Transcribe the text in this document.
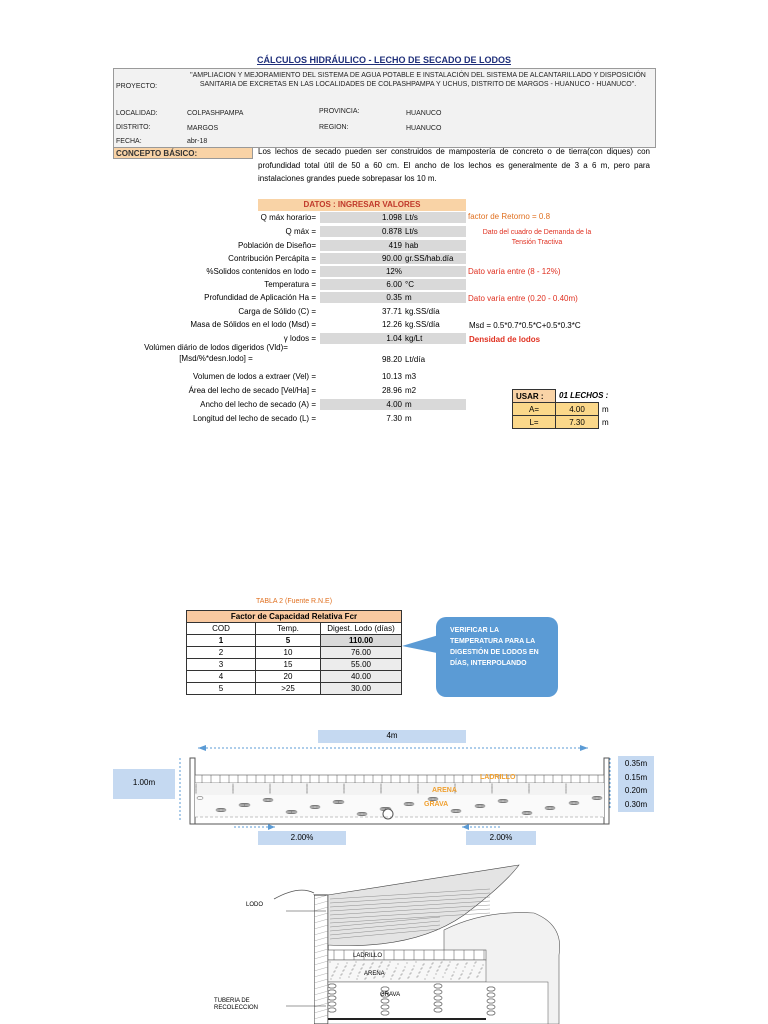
CÁLCULOS HIDRÁULICO - LECHO DE SECADO DE LODOS
PROYECTO:
"AMPLIACION Y MEJORAMIENTO DEL SISTEMA DE AGUA POTABLE E INSTALACIÓN DEL SISTEMA DE ALCANTARILLADO Y DISPOSICIÓN SANITARIA DE EXCRETAS EN LAS LOCALIDADES DE COLPASHPAMPA Y UCHUS, DISTRITO DE MARGOS - HUANUCO - HUANUCO".
LOCALIDAD:	COLPASHPAMPA	PROVINCIA:	HUANUCO
DISTRITO:	MARGOS	REGION:	HUANUCO
FECHA:	abr-18
CONCEPTO BÁSICO:	Los lechos de secado pueden ser construidos de mampostería de concreto o de tierra(con diques) con profundidad total útil de 50 a 60 cm. El ancho de los lechos es generalmente de 3 a 6 m, pero para instalaciones grandes puede sobrepasar los 10 m.
DATOS : INGRESAR VALORES
Q máx horario=	1.098 Lt/s
Q máx =	0.878 Lt/s
Población de Diseño=	419 hab
Contribución Percápita =	90.00 gr.SS/hab.día
%Solidos contenidos en lodo =	12%
Temperatura =	6.00 °C
Profundidad de Aplicación Ha =	0.35 m
Carga de Sólido (C) =	37.71 kg.SS/día
Masa de Sólidos en el lodo (Msd) =	12.26 kg.SS/día
γ lodos =	1.04 kg/Lt
Volúmen diário de lodos digeridos (Vld)=[Msd/%*desn.lodo] =	98.20 Lt/día
Volumen de lodos a extraer (Vel) =	10.13 m3
Área del lecho de secado [Vel/Ha] =	28.96 m2
Ancho del lecho de secado (A) =	4.00 m
Longitud del lecho de secado (L) =	7.30 m
factor de Retorno = 0.8
Dato del cuadro de Demanda de la Tensión Tractiva
Dato varía entre (8 - 12%)
Dato varía entre (0.20 - 0.40m)
Msd = 0.5*0.7*0.5*C+0.5*0.3*C
Densidad de lodos
USAR :	01 LECHOS :	
A=	4.00	m
L=	7.30	m
TABLA 2 (Fuente R.N.E)
Factor de Capacidad Relativa Fcr		
COD	Temp.	Digest. Lodo (días)
1	5	110.00
2	10	76.00
3	15	55.00
4	20	40.00
5	>25	30.00
VERIFICAR LA TEMPERATURA PARA LA DIGESTIÓN DE LODOS EN DÍAS, INTERPOLANDO
4m
1.00m
2.00%	2.00%
0.35m
0.15m
0.20m
0.30m
LADRILLO
ARENA
GRAVA
LODO
LADRILLO
ARENA
GRAVA
TUBERIA DE RECOLECCION
